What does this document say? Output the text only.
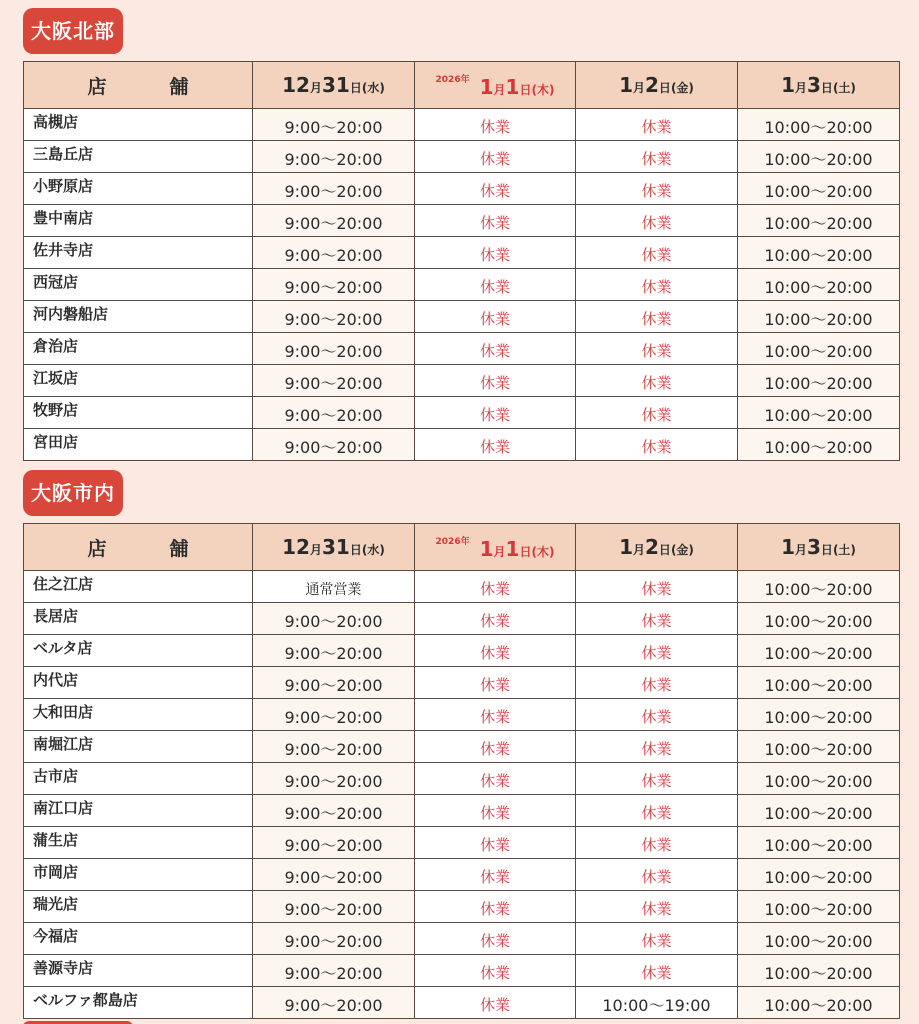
大阪北部
店　舗	12月31日(水)	$^{2026年}$ 1月1日(木)	1月2日(金)	1月3日(土)
高槻店	9:00〜20:00	休業	休業	10:00〜20:00
三島丘店	9:00〜20:00	休業	休業	10:00〜20:00
小野原店	9:00〜20:00	休業	休業	10:00〜20:00
豊中南店	9:00〜20:00	休業	休業	10:00〜20:00
佐井寺店	9:00〜20:00	休業	休業	10:00〜20:00
西冠店	9:00〜20:00	休業	休業	10:00〜20:00
河内磐船店	9:00〜20:00	休業	休業	10:00〜20:00
倉治店	9:00〜20:00	休業	休業	10:00〜20:00
江坂店	9:00〜20:00	休業	休業	10:00〜20:00
牧野店	9:00〜20:00	休業	休業	10:00〜20:00
宮田店	9:00〜20:00	休業	休業	10:00〜20:00
大阪市内
店　舗	12月31日(水)	$^{2026年}$ 1月1日(木)	1月2日(金)	1月3日(土)
住之江店	通常営業	休業	休業	10:00〜20:00
長居店	9:00〜20:00	休業	休業	10:00〜20:00
ベルタ店	9:00〜20:00	休業	休業	10:00〜20:00
内代店	9:00〜20:00	休業	休業	10:00〜20:00
大和田店	9:00〜20:00	休業	休業	10:00〜20:00
南堀江店	9:00〜20:00	休業	休業	10:00〜20:00
古市店	9:00〜20:00	休業	休業	10:00〜20:00
南江口店	9:00〜20:00	休業	休業	10:00〜20:00
蒲生店	9:00〜20:00	休業	休業	10:00〜20:00
市岡店	9:00〜20:00	休業	休業	10:00〜20:00
瑞光店	9:00〜20:00	休業	休業	10:00〜20:00
今福店	9:00〜20:00	休業	休業	10:00〜20:00
善源寺店	9:00〜20:00	休業	休業	10:00〜20:00
ベルファ都島店	9:00〜20:00	休業	10:00〜19:00	10:00〜20:00
